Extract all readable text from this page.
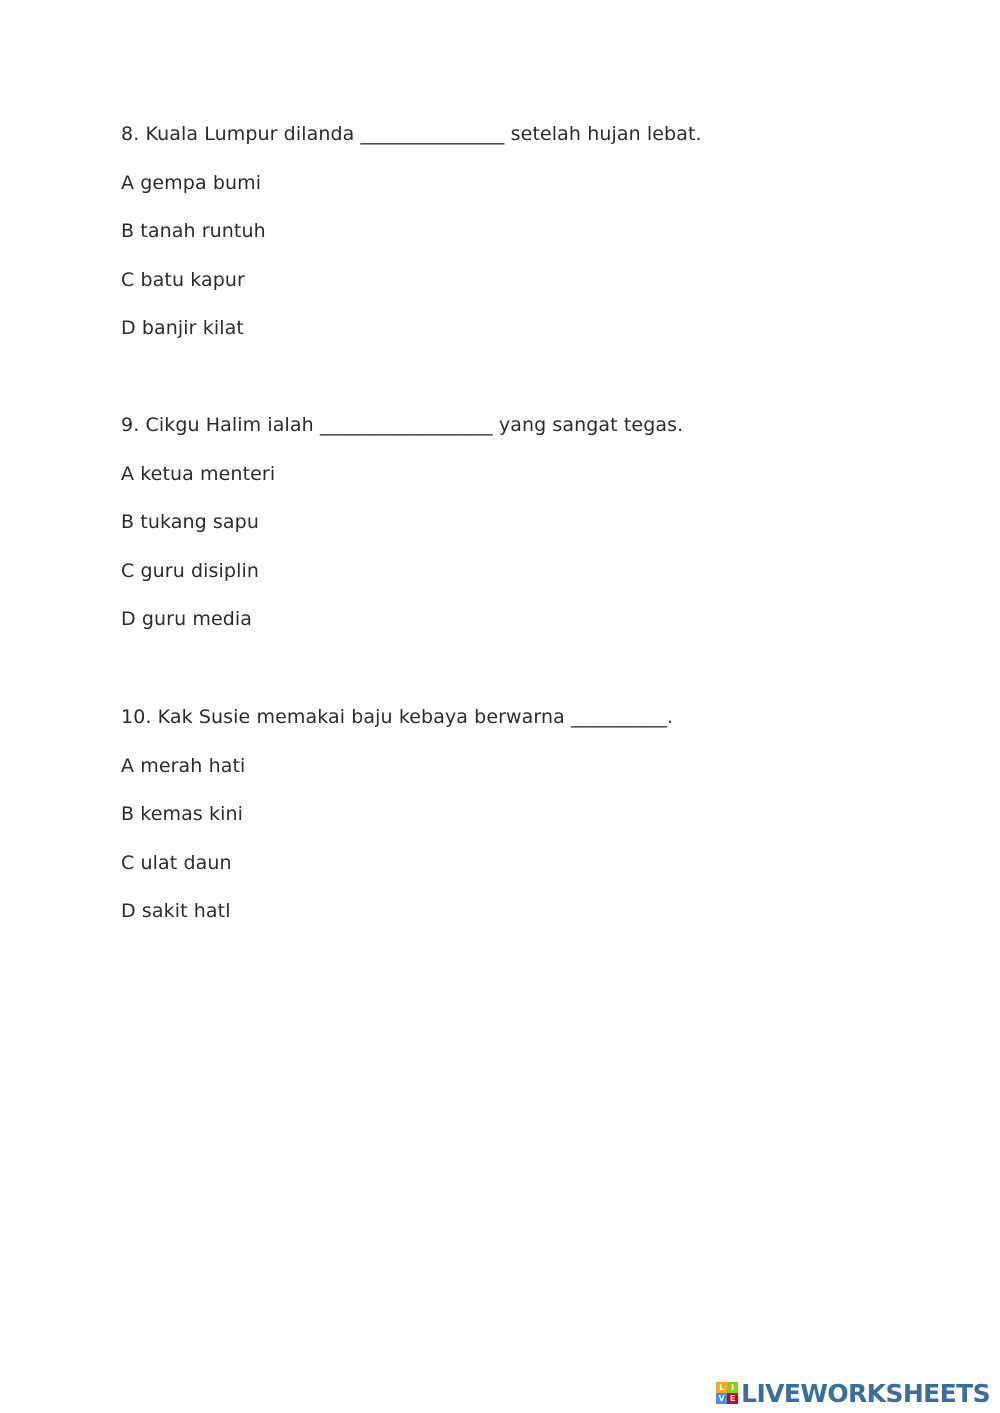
8. Kuala Lumpur dilanda _______________ setelah hujan lebat.
A gempa bumi
B tanah runtuh
C batu kapur
D banjir kilat
9. Cikgu Halim ialah __________________ yang sangat tegas.
A ketua menteri
B tukang sapu
C guru disiplin
D guru media
10. Kak Susie memakai baju kebaya berwarna __________.
A merah hati
B kemas kini
C ulat daun
D sakit hatl
L I
V E LIVEWORKSHEETS
